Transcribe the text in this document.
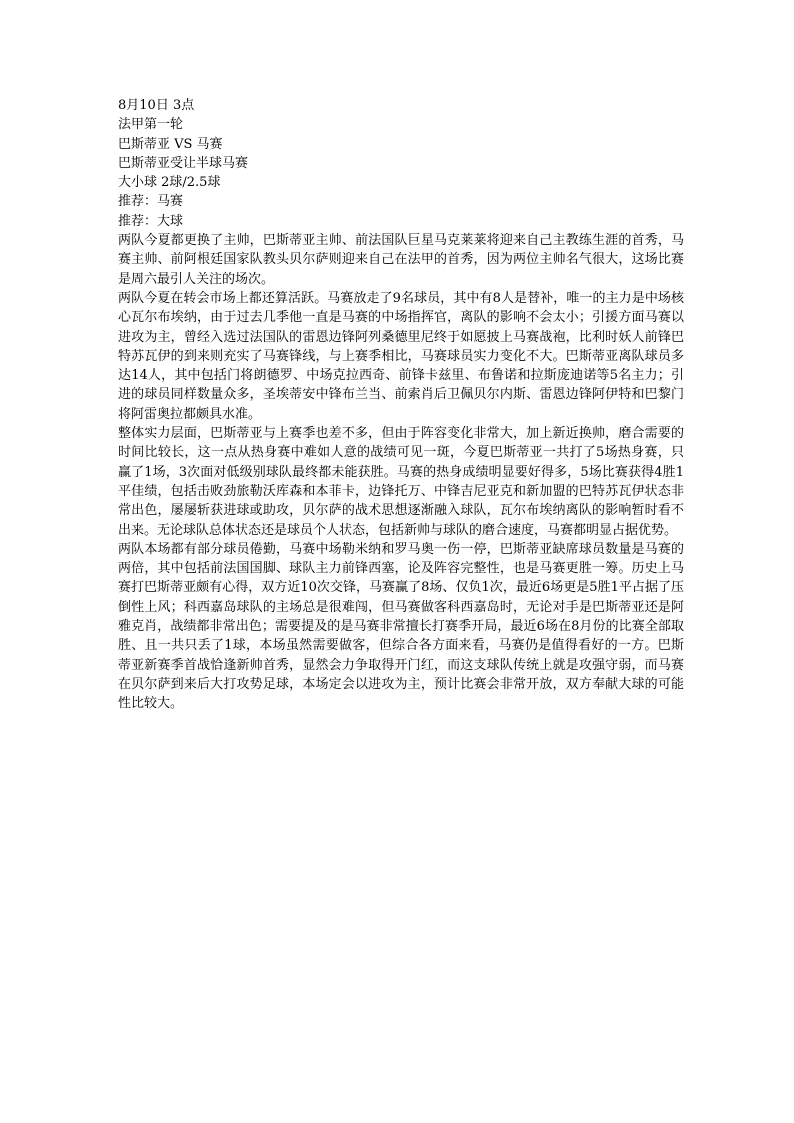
8月10日 3点

法甲第一轮

巴斯蒂亚 VS 马赛

巴斯蒂亚受让半球马赛

大小球 2球/2.5球

推荐：马赛

推荐：大球

两队今夏都更换了主帅，巴斯蒂亚主帅、前法国队巨星马克莱莱将迎来自己主教练生涯的首秀，马赛主帅、前阿根廷国家队教头贝尔萨则迎来自己在法甲的首秀，因为两位主帅名气很大，这场比赛是周六最引人关注的场次。

两队今夏在转会市场上都还算活跃。马赛放走了9名球员，其中有8人是替补，唯一的主力是中场核心瓦尔布埃纳，由于过去几季他一直是马赛的中场指挥官，离队的影响不会太小；引援方面马赛以进攻为主，曾经入选过法国队的雷恩边锋阿列桑德里尼终于如愿披上马赛战袍，比利时妖人前锋巴特苏瓦伊的到来则充实了马赛锋线，与上赛季相比，马赛球员实力变化不大。巴斯蒂亚离队球员多达14人，其中包括门将朗德罗、中场克拉西奇、前锋卡兹里、布鲁诺和拉斯庞迪诺等5名主力；引进的球员同样数量众多，圣埃蒂安中锋布兰当、前索肖后卫佩贝尔内斯、雷恩边锋阿伊特和巴黎门将阿雷奥拉都颇具水准。

整体实力层面，巴斯蒂亚与上赛季也差不多，但由于阵容变化非常大，加上新近换帅，磨合需要的时间比较长，这一点从热身赛中难如人意的战绩可见一斑，今夏巴斯蒂亚一共打了5场热身赛，只赢了1场，3次面对低级别球队最终都未能获胜。马赛的热身成绩明显要好得多，5场比赛获得4胜1平佳绩，包括击败劲旅勒沃库森和本菲卡，边锋托万、中锋吉尼亚克和新加盟的巴特苏瓦伊状态非常出色，屡屡斩获进球或助攻，贝尔萨的战术思想逐渐融入球队，瓦尔布埃纳离队的影响暂时看不出来。无论球队总体状态还是球员个人状态，包括新帅与球队的磨合速度，马赛都明显占据优势。

两队本场都有部分球员倦勤，马赛中场勒米纳和罗马奥一伤一停，巴斯蒂亚缺席球员数量是马赛的两倍，其中包括前法国国脚、球队主力前锋西塞，论及阵容完整性，也是马赛更胜一筹。历史上马赛打巴斯蒂亚颇有心得，双方近10次交锋，马赛赢了8场、仅负1次，最近6场更是5胜1平占据了压倒性上风；科西嘉岛球队的主场总是很难闯，但马赛做客科西嘉岛时，无论对手是巴斯蒂亚还是阿雅克肖，战绩都非常出色；需要提及的是马赛非常擅长打赛季开局，最近6场在8月份的比赛全部取胜、且一共只丢了1球，本场虽然需要做客，但综合各方面来看，马赛仍是值得看好的一方。巴斯蒂亚新赛季首战恰逢新帅首秀，显然会力争取得开门红，而这支球队传统上就是攻强守弱，而马赛在贝尔萨到来后大打攻势足球，本场定会以进攻为主，预计比赛会非常开放，双方奉献大球的可能性比较大。
